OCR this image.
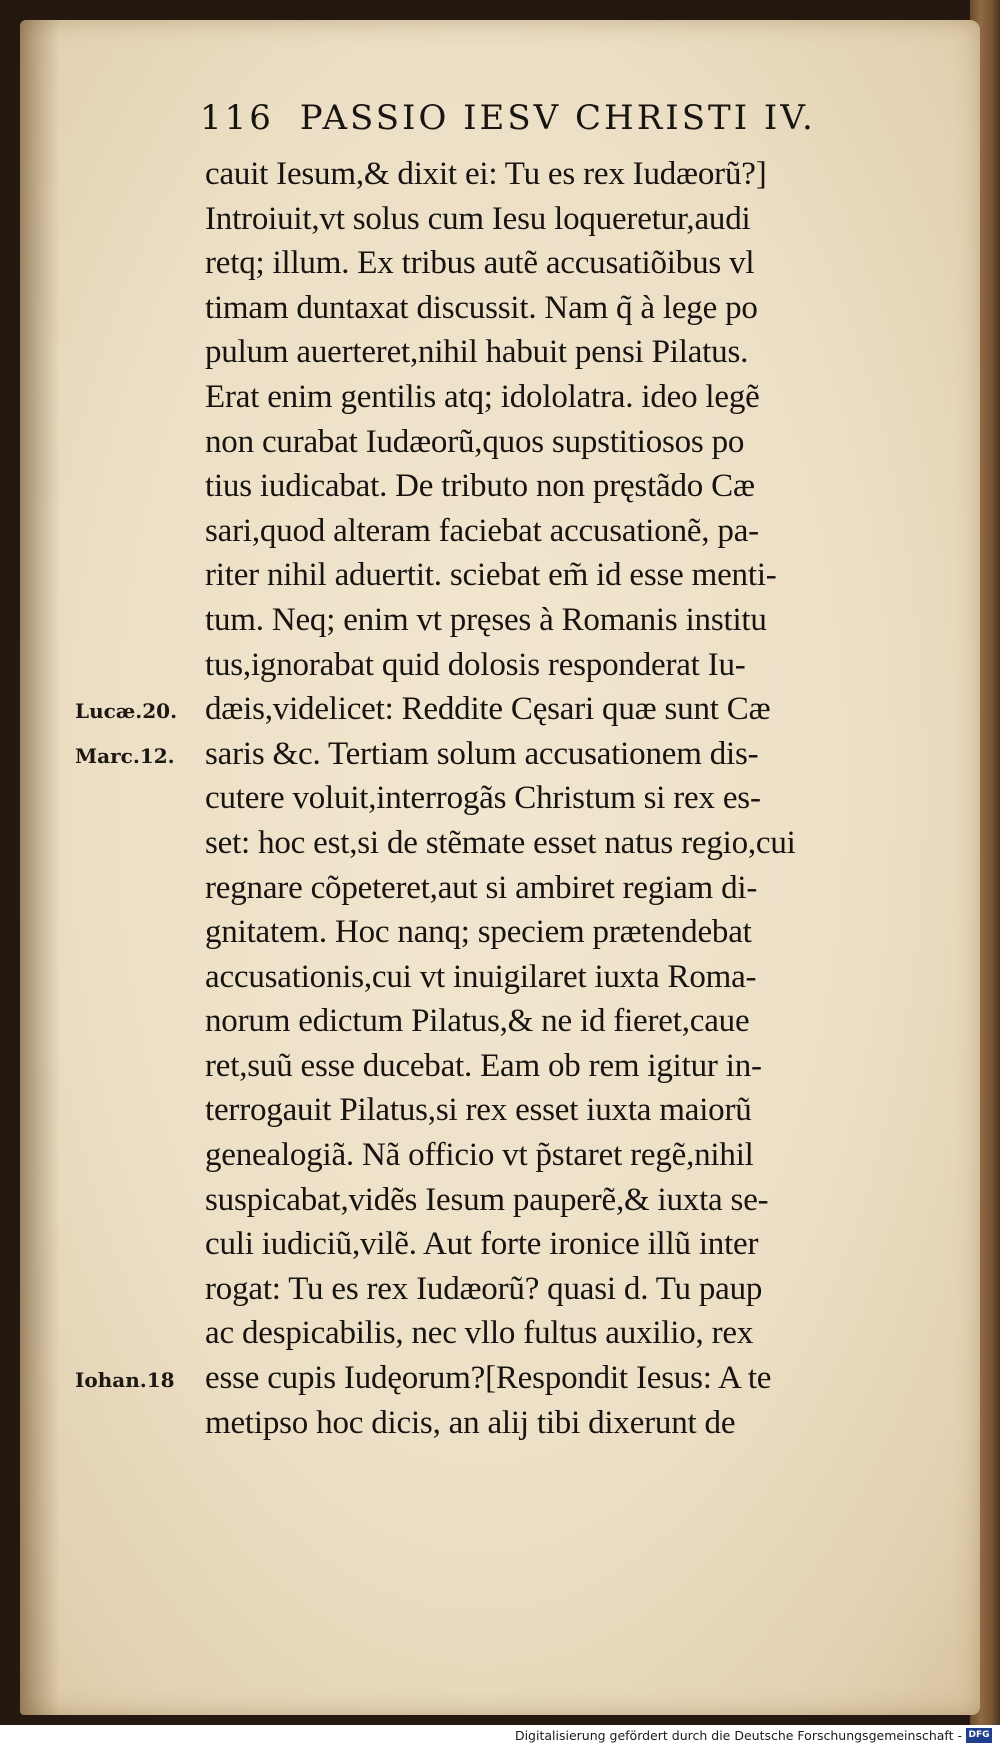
116 PASSIO IESV CHRISTI IV.
Lucæ.20.
Marc.12.
Iohan.18
cauit Iesum,& dixit ei: Tu es rex Iudæorũ?]
Introiuit,vt solus cum Iesu loqueretur,audi
retq; illum. Ex tribus autẽ accusatiõibus vl
timam duntaxat discussit. Nam q̃ à lege po
pulum auerteret,nihil habuit pensi Pilatus.
Erat enim gentilis atq; idololatra. ideo legẽ
non curabat Iudæorũ,quos supstitiosos po
tius iudicabat. De tributo non pręstãdo Cæ
sari,quod alteram faciebat accusationẽ, pa-
riter nihil aduertit. sciebat em̃ id esse menti-
tum. Neq; enim vt pręses à Romanis institu
tus,ignorabat quid dolosis responderat Iu-
dæis,videlicet: Reddite Cęsari quæ sunt Cæ
saris &c. Tertiam solum accusationem dis-
cutere voluit,interrogãs Christum si rex es-
set: hoc est,si de stẽmate esset natus regio,cui
regnare cõpeteret,aut si ambiret regiam di-
gnitatem. Hoc nanq; speciem prætendebat
accusationis,cui vt inuigilaret iuxta Roma-
norum edictum Pilatus,& ne id fieret,caue
ret,suũ esse ducebat. Eam ob rem igitur in-
terrogauit Pilatus,si rex esset iuxta maiorũ
genealogiã. Nã officio vt p̃staret regẽ,nihil
suspicabat,vidẽs Iesum pauperẽ,& iuxta se-
culi iudiciũ,vilẽ. Aut forte ironice illũ inter
rogat: Tu es rex Iudæorũ? quasi d. Tu paup
ac despicabilis, nec vllo fultus auxilio, rex
esse cupis Iudęorum?[Respondit Iesus: A te
metipso hoc dicis, an alij tibi dixerunt de
Digitalisierung gefördert durch die Deutsche Forschungsgemeinschaft - DFG
